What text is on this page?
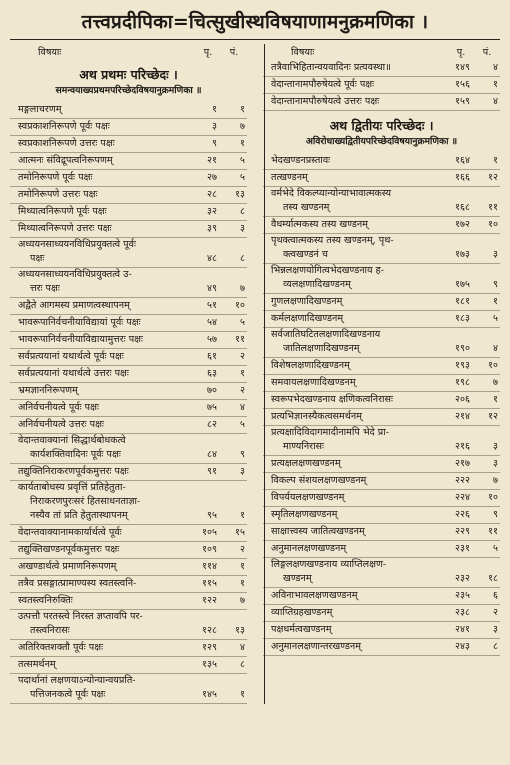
तत्त्वप्रदीपिका=चित्सुखीस्थविषयाणामनुक्रमणिका ।
विषयाः	पृ.	पं.
अथ प्रथमः परिच्छेदः ।
समन्वयाख्यप्रथमपरिच्छेदविषयानुक्रमणिका ॥
मङ्गलाचरणम्	१	१
स्वप्रकाशनिरूपणे पूर्वः पक्षः	३	७
स्वप्रकाशनिरूपणे उत्तरः पक्षः	९	१
आत्मनः संविद्रूपत्वनिरूपणम्	२१	५
तमोनिरूपणे पूर्वः पक्षः	२७	५
तमोनिरूपणे उत्तरः पक्षः	२८	१३
मिथ्यात्वनिरूपणे पूर्वः पक्षः	३२	८
मिथ्यात्वनिरूपणे उत्तरः पक्षः	३९	३
अध्ययनसाध्ययनविधिप्रयुक्तत्वे पूर्वः

पक्षः	४८	८
अध्ययनसाध्ययनविधिप्रयुक्तत्वे उ-

त्तरः पक्षः	४९	७
अद्वैते आगमस्य प्रमाणत्वस्थापनम्	५१	१०
भावरूपानिर्वचनीयाविद्यायां पूर्वः पक्षः	५४	५
भावरूपानिर्वचनीयाविद्यायामुत्तरः पक्षः	५७	११
सर्वप्रत्ययानां यथार्थत्वे पूर्वः पक्षः	६१	२
सर्वप्रत्ययानां यथार्थत्वे उत्तरः पक्षः	६३	१
भ्रमज्ञाननिरूपणम्	७०	२
अनिर्वचनीयत्वे पूर्वः पक्षः	७५	४
अनिर्वचनीयत्वे उत्तरः पक्षः	८२	५
वेदान्तवाक्यानां सिद्धार्थबोधकत्वे

कार्यशक्तिवादिनः पूर्वः पक्षः	८४	९
तद्युक्तिनिराकरणपूर्वकमुत्तरः पक्षः	९१	३
कार्यताबोधस्य प्रवृत्तिं प्रतिहेतुता-

निराकरणपुरःसरं हितसाधनताज्ञा-
नस्यैव तां प्रति हेतुतास्थापनम्	९५	१
वेदान्तवाक्यानामकार्यार्थत्वे पूर्वः	१०५	१५
तद्युक्तिखण्डनपूर्वकमुत्तरः पक्षः	१०९	२
अखण्डार्थत्वे प्रमाणनिरूपणम्	११४	१
तत्रैव प्रसङ्गात्प्रामाण्यस्य स्वतस्त्वनि-	११५	१
स्वतस्त्वनिरुक्तिः	१२२	७
उत्पत्तौ परतस्त्वे निरस्त ज्ञप्तावपि पर-

तस्त्वनिरासः	१२८	१३
अतिरिक्तशक्तौ पूर्वः पक्षः	१२९	४
तत्समर्थनम्	१३५	८
पदार्थानां लक्षणयाऽन्योन्यान्वयप्रति-

पत्तिजनकत्वे पूर्वः पक्षः	१४५	१
विषयाः	पृ.	पं.
तत्रैवाभिहितान्वयवादिनः प्रत्यवस्था॥	१४९	४
वेदान्तानामपौरुषेयत्वे पूर्वः पक्षः	१५६	१
वेदान्तानामपौरुषेयत्वे उत्तरः पक्षः	१५९	४
अथ द्वितीयः परिच्छेदः ।
अविरोधाख्यद्वितीयपरिच्छेदविषयानुक्रमणिका ॥
भेदखण्डनप्रस्तावः	१६४	१
तत्खण्डनम्	१६६	१२
वर्मभेदे विकल्प्यान्योन्याभावात्मकस्य

तस्य खण्डनम्	१६८	११
वैधर्म्यात्मकस्य तस्य खण्डनम्	१७२	१०
पृथक्त्वात्मकस्य तस्य खण्डनम्, पृथ-

क्त्वखण्डनं च	१७३	३
भिन्नलक्षणयोगित्वभेदखण्डनाय ह-

व्यलक्षणादिखण्डनम्	१७५	९
गुणलक्षणादिखण्डनम्	१८१	१
कर्मलक्षणादिखण्डनम्	१८३	५
सर्वजातिघटितलक्षणादिखण्डनाय

जातिलक्षणादिखण्डनम्	१९०	४
विशेषलक्षणादिखण्डनम्	१९३	१०
समवायलक्षणादिखण्डनम्	१९८	७
स्वरूपभेदखण्डनाय क्षणिकत्वनिरासः	२०६	१
प्रत्यभिज्ञानस्यैकत्वसमर्थनम्	२१४	१२
प्रत्यक्षादिविदागमादीनामपि भेदे प्रा-

माण्यनिरासः	२१६	३
प्रत्यक्षलक्षणखण्डनम्	२१७	३
विकल्प संशयलक्षणखण्डनम्	२२२	७
विपर्ययलक्षणखण्डनम्	२२४	१०
स्मृतिलक्षणखण्डनम्	२२६	९
साक्षात्त्वस्य जातित्वखण्डनम्	२२९	११
अनुमानलक्षणखण्डनम्	२३१	५
लिङ्गलक्षणखण्डनाय व्याप्तिलक्षण-

खण्डनम्	२३२	१८
अविनाभावलक्षणखण्डनम्	२३५	६
व्याप्तिग्रहखण्डनम्	२३८	२
पक्षधर्मत्वखण्डनम्	२४१	३
अनुमानलक्षणान्तरखण्डनम्	२४३	८
